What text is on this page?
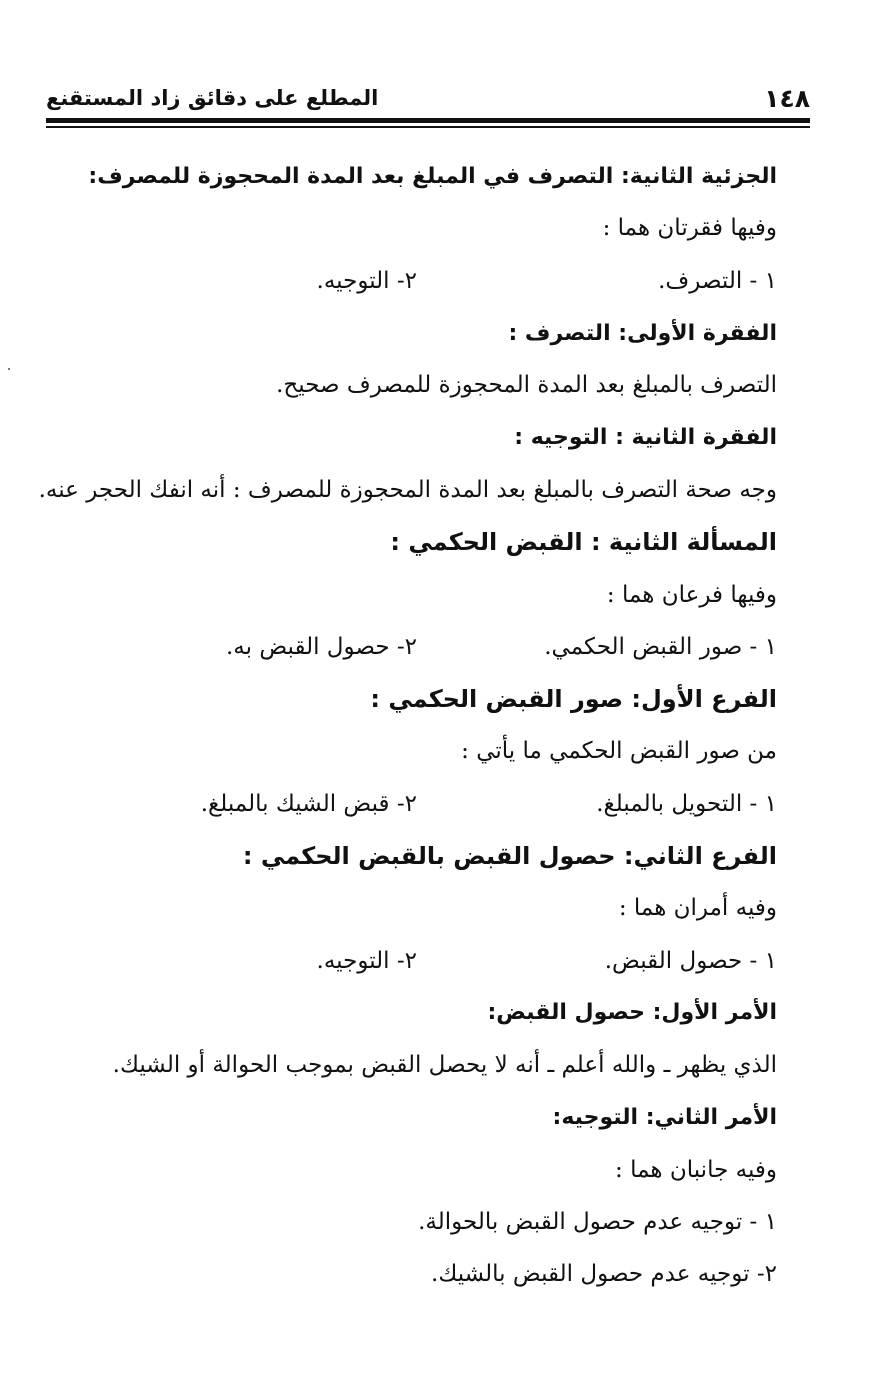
١٤٨
المطلع على دقائق زاد المستقنع
الجزئية الثانية: التصرف في المبلغ بعد المدة المحجوزة للمصرف:
وفيها فقرتان هما :
١ - التصرف.
٢- التوجيه.
الفقرة الأولى: التصرف :
التصرف بالمبلغ بعد المدة المحجوزة للمصرف صحيح.
الفقرة الثانية : التوجيه :
وجه صحة التصرف بالمبلغ بعد المدة المحجوزة للمصرف : أنه انفك الحجر عنه.
المسألة الثانية : القبض الحكمي :
وفيها فرعان هما :
١ - صور القبض الحكمي.
٢- حصول القبض به.
الفرع الأول: صور القبض الحكمي :
من صور القبض الحكمي ما يأتي :
١ - التحويل بالمبلغ.
٢- قبض الشيك بالمبلغ.
الفرع الثاني: حصول القبض بالقبض الحكمي :
وفيه أمران هما :
١ - حصول القبض.
٢- التوجيه.
الأمر الأول: حصول القبض:
الذي يظهر ـ والله أعلم ـ أنه لا يحصل القبض بموجب الحوالة أو الشيك.
الأمر الثاني: التوجيه:
وفيه جانبان هما :
١ - توجيه عدم حصول القبض بالحوالة.
٢- توجيه عدم حصول القبض بالشيك.
